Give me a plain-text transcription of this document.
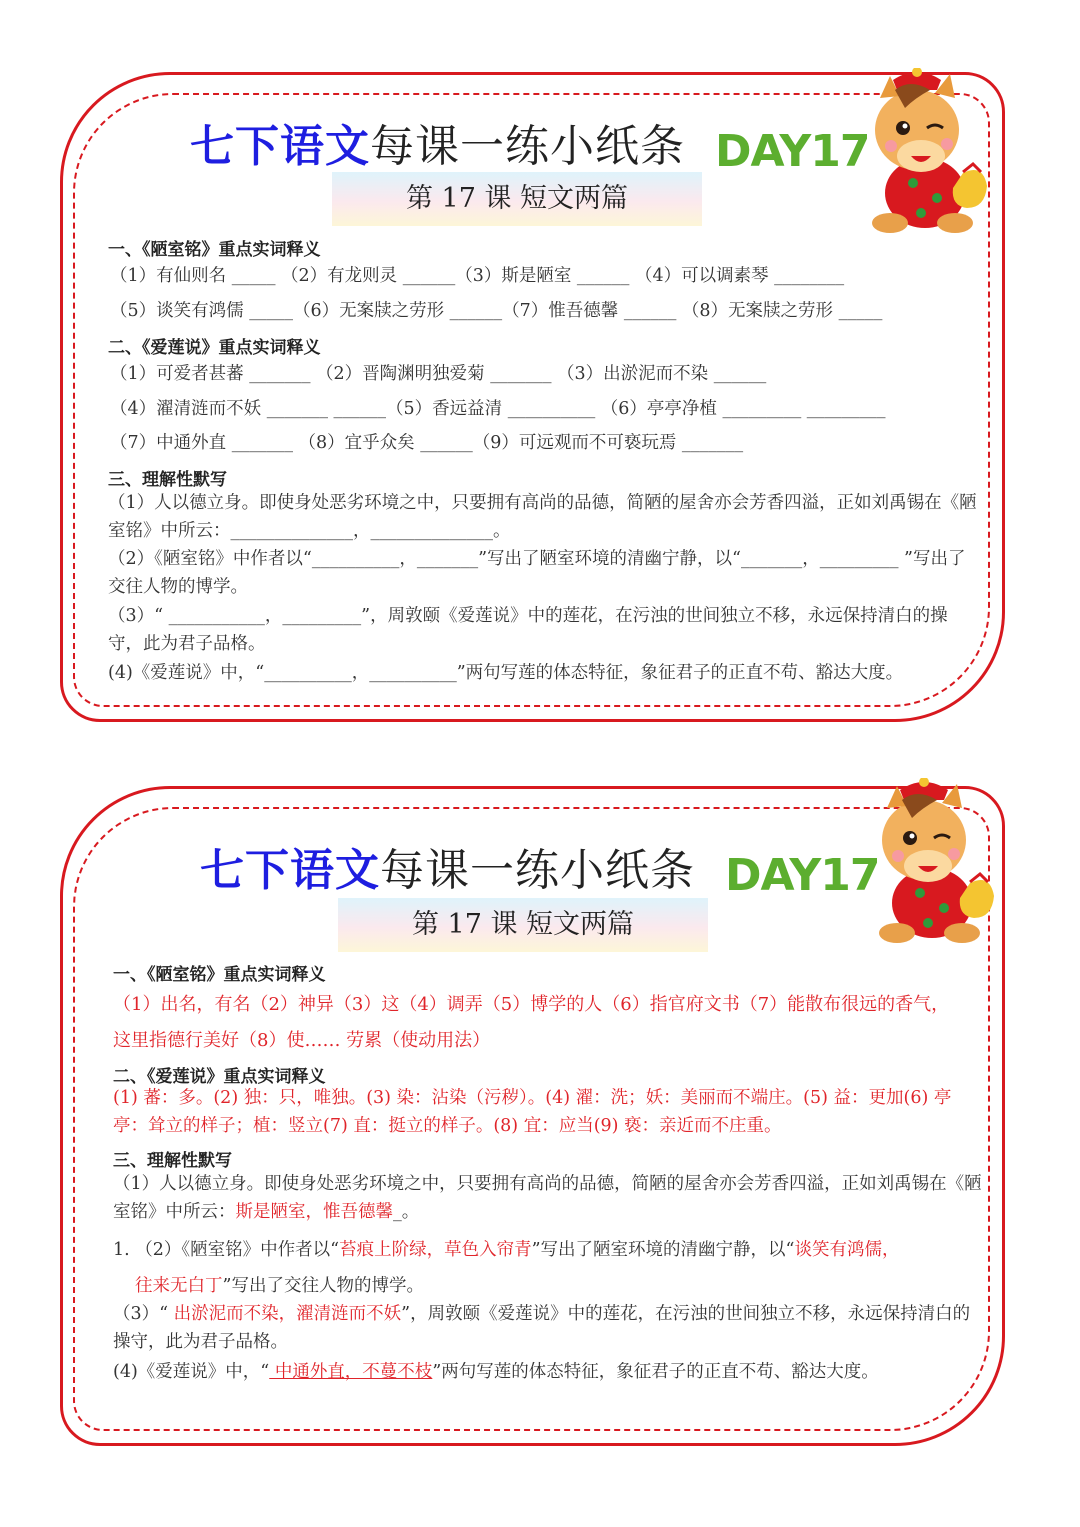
七下语文每课一练小纸条 DAY17
第 17 课 短文两篇
一、《陋室铭》重点实词释义
（1）有仙则名 _____ （2）有龙则灵 ______（3）斯是陋室 ______ （4）可以调素琴 ________
（5）谈笑有鸿儒 _____（6）无案牍之劳形 ______（7）惟吾德馨 ______ （8）无案牍之劳形 _____
二、《爱莲说》重点实词释义
（1）可爱者甚蕃 _______ （2）晋陶渊明独爱菊 _______ （3）出淤泥而不染 ______
（4）濯清涟而不妖 _______ ______（5）香远益清 __________ （6）亭亭净植 _________ _________
（7）中通外直 _______ （8）宜乎众矣 ______（9）可远观而不可亵玩焉 _______
三、理解性默写
（1）人以德立身。即使身处恶劣环境之中，只要拥有高尚的品德，简陋的屋舍亦会芳香四溢，正如刘禹锡在《陋室铭》中所云：______________，______________。
（2）《陋室铭》中作者以“__________，_______”写出了陋室环境的清幽宁静，以“_______，_________ ”写出了交往人物的博学。
（3）“ ___________，_________”，周敦颐《爱莲说》中的莲花，在污浊的世间独立不移，永远保持清白的操守，此为君子品格。
(4)《爱莲说》中，“__________，__________”两句写莲的体态特征，象征君子的正直不苟、豁达大度。
七下语文每课一练小纸条 DAY17
第 17 课 短文两篇
一、《陋室铭》重点实词释义
（1）出名，有名（2）神异（3）这（4）调弄（5）博学的人（6）指官府文书（7）能散布很远的香气，
这里指德行美好（8）使…… 劳累（使动用法）
二、《爱莲说》重点实词释义
(1) 蕃：多。(2) 独：只，唯独。(3) 染：沾染（污秽）。(4) 濯：洗；妖：美丽而不端庄。(5) 益：更加(6) 亭亭：耸立的样子；植：竖立(7) 直：挺立的样子。(8) 宜：应当(9) 亵：亲近而不庄重。
三、理解性默写
（1）人以德立身。即使身处恶劣环境之中，只要拥有高尚的品德，简陋的屋舍亦会芳香四溢，正如刘禹锡在《陋室铭》中所云：斯是陋室，惟吾德馨_。
1. （2）《陋室铭》中作者以“苔痕上阶绿，草色入帘青”写出了陋室环境的清幽宁静，以“谈笑有鸿儒，
往来无白丁”写出了交往人物的博学。
（3）“ 出淤泥而不染，濯清涟而不妖”，周敦颐《爱莲说》中的莲花，在污浊的世间独立不移，永远保持清白的操守，此为君子品格。
(4)《爱莲说》中，“ 中通外直，不蔓不枝”两句写莲的体态特征，象征君子的正直不苟、豁达大度。
